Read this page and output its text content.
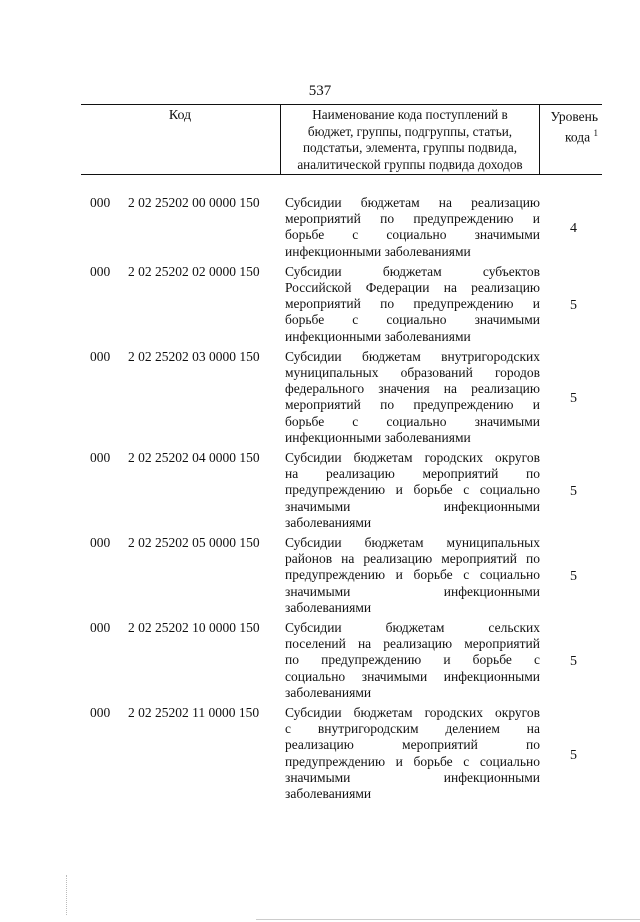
537
Код	Наименование кода поступлений в
бюджет, группы, подгруппы, статьи,
подстатьи, элемента, группы подвида,
аналитической группы подвида доходов
Уровень
кода $^1$
000 2 02 25202 00 0000 150 Субсидии бюджетам на реализацию
мероприятий по предупреждению и
борьбе с социально значимыми
инфекционными заболеваниями
4
000 2 02 25202 02 0000 150 Субсидии бюджетам субъектов
Российской Федерации на реализацию
мероприятий по предупреждению и
борьбе с социально значимыми
инфекционными заболеваниями
5
000 2 02 25202 03 0000 150 Субсидии бюджетам внутригородских
муниципальных образований городов
федерального значения на реализацию
мероприятий по предупреждению и
борьбе с социально значимыми
инфекционными заболеваниями
5
000 2 02 25202 04 0000 150 Субсидии бюджетам городских округов
на реализацию мероприятий по
предупреждению и борьбе с социально
значимыми инфекционными
заболеваниями
5
000 2 02 25202 05 0000 150 Субсидии бюджетам муниципальных
районов на реализацию мероприятий по
предупреждению и борьбе с социально
значимыми инфекционными
заболеваниями
5
000 2 02 25202 10 0000 150 Субсидии бюджетам сельских
поселений на реализацию мероприятий
по предупреждению и борьбе с
социально значимыми инфекционными
заболеваниями
5
000 2 02 25202 11 0000 150 Субсидии бюджетам городских округов
с внутригородским делением на
реализацию мероприятий по
предупреждению и борьбе с социально
значимыми инфекционными
заболеваниями
5
